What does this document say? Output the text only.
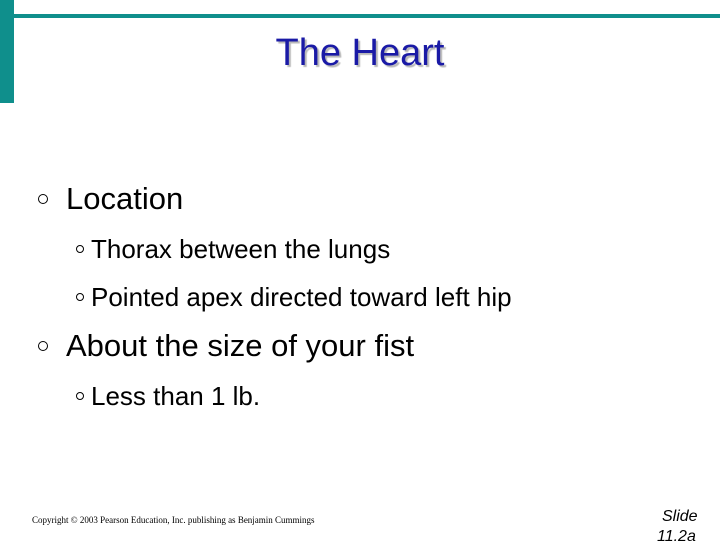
The Heart
Location
Thorax between the lungs
Pointed apex directed toward left hip
About the size of your fist
Less than 1 lb.
Copyright © 2003 Pearson Education, Inc. publishing as Benjamin Cummings	Slide
11.2a
